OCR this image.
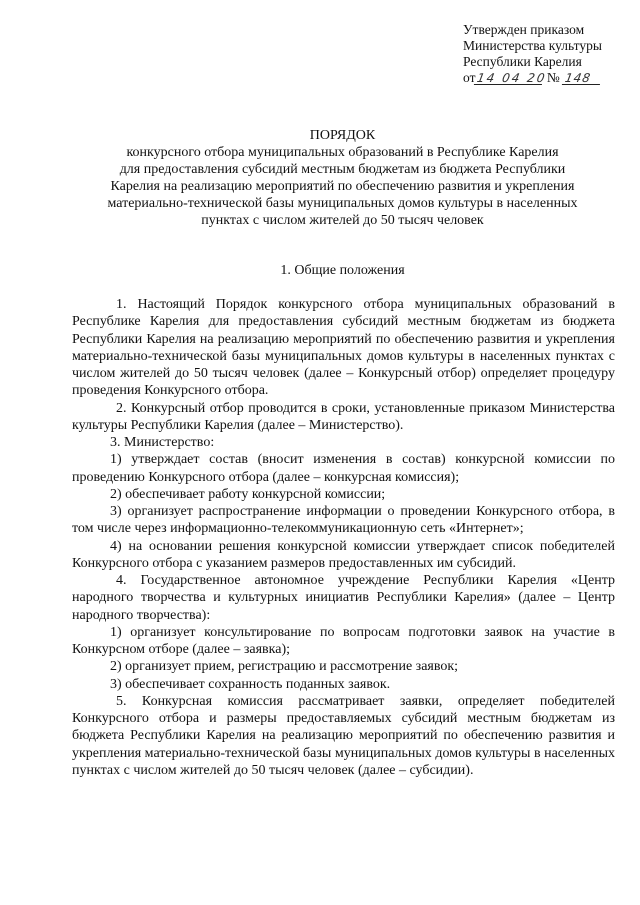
Утвержден приказом
Министерства культуры
Республики Карелия
от14 04 20 № 148
ПОРЯДОК
конкурсного отбора муниципальных образований в Республике Карелия
для предоставления субсидий местным бюджетам из бюджета Республики
Карелия на реализацию мероприятий по обеспечению развития и укрепления
материально-технической базы муниципальных домов культуры в населенных
пунктах с числом жителей до 50 тысяч человек
1. Общие положения

1. Настоящий Порядок конкурсного отбора муниципальных образований в Республике Карелия для предоставления субсидий местным бюджетам из бюджета Республики Карелия на реализацию мероприятий по обеспечению развития и укрепления материально-технической базы муниципальных домов культуры в населенных пунктах с числом жителей до 50 тысяч человек (далее – Конкурсный отбор) определяет процедуру проведения Конкурсного отбора.

2. Конкурсный отбор проводится в сроки, установленные приказом Министерства культуры Республики Карелия (далее – Министерство).

3. Министерство:

1) утверждает состав (вносит изменения в состав) конкурсной комиссии по проведению Конкурсного отбора (далее – конкурсная комиссия);

2) обеспечивает работу конкурсной комиссии;

3) организует распространение информации о проведении Конкурсного отбора, в том числе через информационно-телекоммуникационную сеть «Интернет»;

4) на основании решения конкурсной комиссии утверждает список победителей Конкурсного отбора с указанием размеров предоставленных им субсидий.

4. Государственное автономное учреждение Республики Карелия «Центр народного творчества и культурных инициатив Республики Карелия» (далее – Центр народного творчества):

1) организует консультирование по вопросам подготовки заявок на участие в Конкурсном отборе (далее – заявка);

2) организует прием, регистрацию и рассмотрение заявок;

3) обеспечивает сохранность поданных заявок.

5. Конкурсная комиссия рассматривает заявки, определяет победителей Конкурсного отбора и размеры предоставляемых субсидий местным бюджетам из бюджета Республики Карелия на реализацию мероприятий по обеспечению развития и укрепления материально-технической базы муниципальных домов культуры в населенных пунктах с числом жителей до 50 тысяч человек (далее – субсидии).
